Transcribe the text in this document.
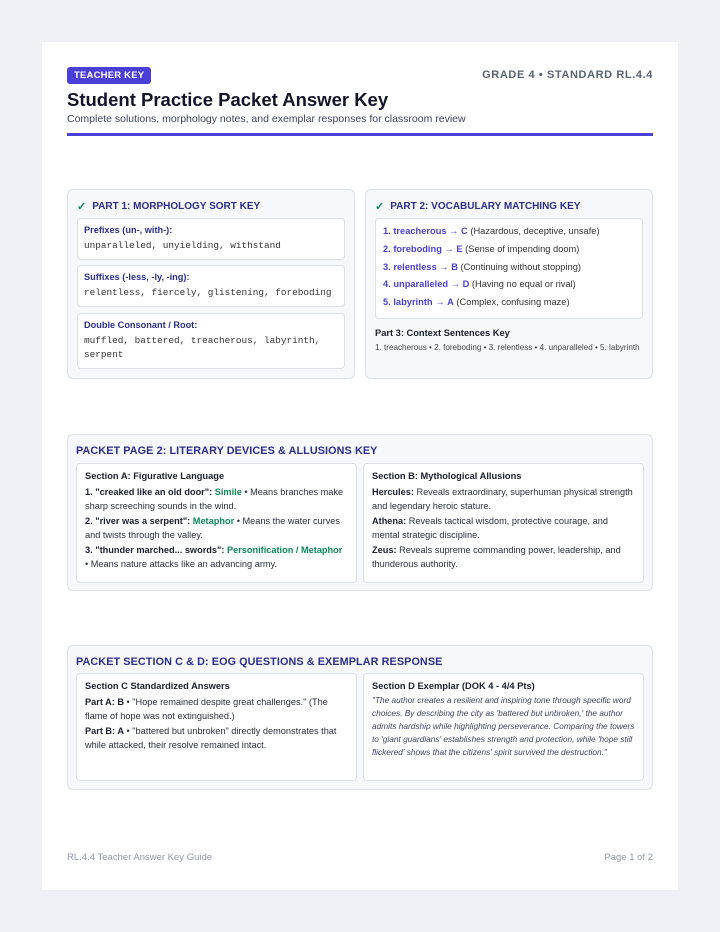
TEACHER KEY	GRADE 4 • STANDARD RL.4.4
Student Practice Packet Answer Key
Complete solutions, morphology notes, and exemplar responses for classroom review
✓ PART 1: MORPHOLOGY SORT KEY
Prefixes (un-, with-):
unparalleled, unyielding, withstand
Suffixes (-less, -ly, -ing):
relentless, fiercely, glistening, foreboding
Double Consonant / Root:
muffled, battered, treacherous, labyrinth, serpent
✓ PART 2: VOCABULARY MATCHING KEY
1. treacherous → C (Hazardous, deceptive, unsafe)
2. foreboding → E (Sense of impending doom)
3. relentless → B (Continuing without stopping)
4. unparalleled → D (Having no equal or rival)
5. labyrinth → A (Complex, confusing maze)
Part 3: Context Sentences Key
1. treacherous • 2. foreboding • 3. relentless • 4. unparalleled • 5. labyrinth
PACKET PAGE 2: LITERARY DEVICES & ALLUSIONS KEY
Section A: Figurative Language
1. "creaked like an old door": Simile • Means branches make sharp screeching sounds in the wind.
2. "river was a serpent": Metaphor • Means the water curves and twists through the valley.
3. "thunder marched... swords": Personification / Metaphor • Means nature attacks like an advancing army.
Section B: Mythological Allusions
Hercules: Reveals extraordinary, superhuman physical strength and legendary heroic stature.
Athena: Reveals tactical wisdom, protective courage, and mental strategic discipline.
Zeus: Reveals supreme commanding power, leadership, and thunderous authority.
PACKET SECTION C & D: EOG QUESTIONS & EXEMPLAR RESPONSE
Section C Standardized Answers
Part A: B • "Hope remained despite great challenges." (The flame of hope was not extinguished.)
Part B: A • "battered but unbroken" directly demonstrates that while attacked, their resolve remained intact.
Section D Exemplar (DOK 4 - 4/4 Pts)
"The author creates a resilient and inspiring tone through specific word choices. By describing the city as 'battered but unbroken,' the author admits hardship while highlighting perseverance. Comparing the towers to 'giant guardians' establishes strength and protection, while 'hope still flickered' shows that the citizens' spirit survived the destruction."
RL.4.4 Teacher Answer Key Guide	Page 1 of 2
